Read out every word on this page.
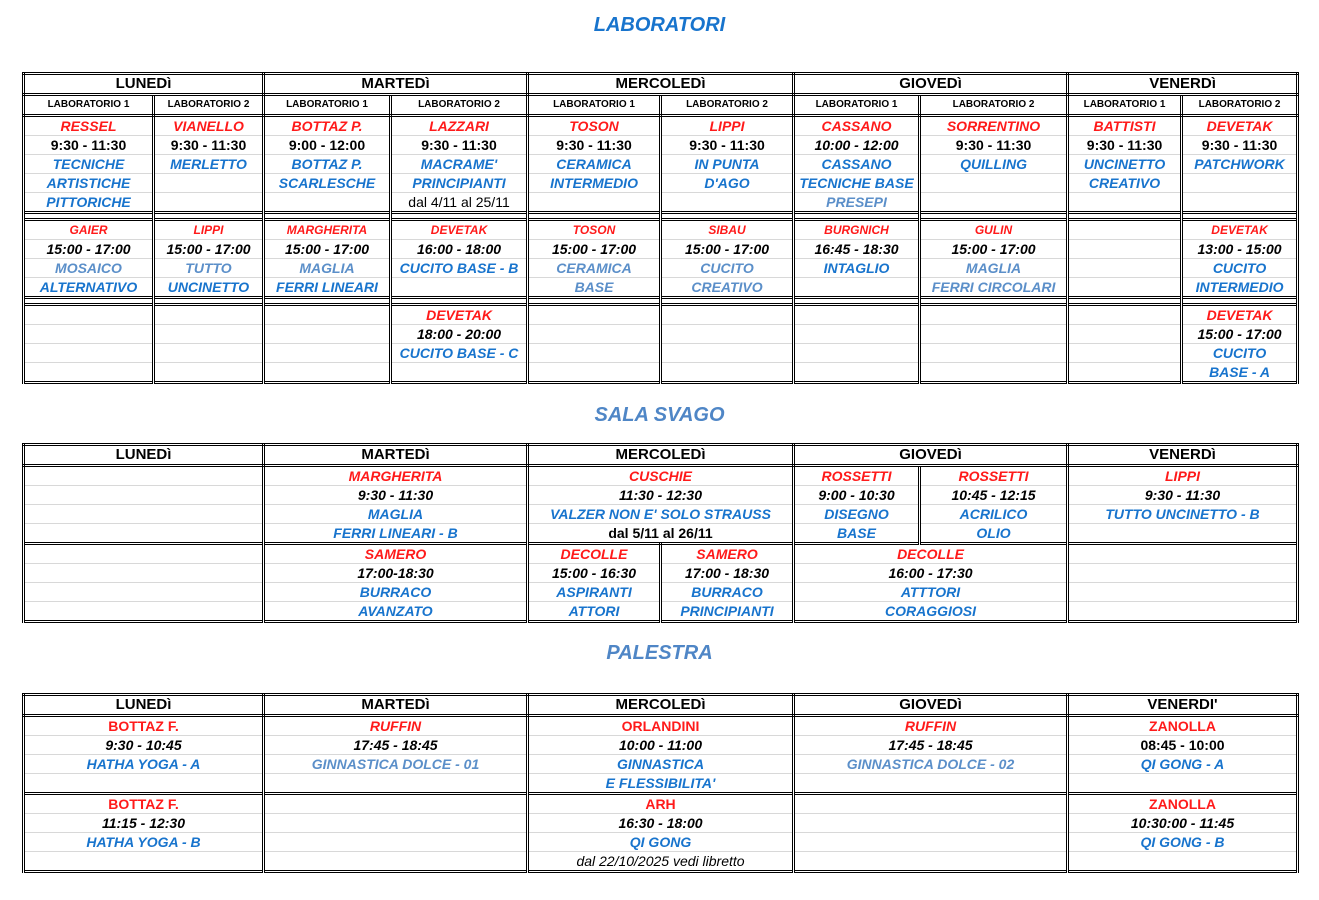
LABORATORI
LUNEDì		MARTEDì		MERCOLEDì		GIOVEDì		VENERDì	
LABORATORIO 1	LABORATORIO 2	LABORATORIO 1	LABORATORIO 2	LABORATORIO 1	LABORATORIO 2	LABORATORIO 1	LABORATORIO 2	LABORATORIO 1	LABORATORIO 2
RESSEL	VIANELLO	BOTTAZ P.	LAZZARI	TOSON	LIPPI	CASSANO	SORRENTINO	BATTISTI	DEVETAK
9:30 - 11:30	9:30 - 11:30	9:00 - 12:00	9:30 - 11:30	9:30 - 11:30	9:30 - 11:30	10:00 - 12:00	9:30 - 11:30	9:30 - 11:30	9:30 - 11:30
TECNICHE	MERLETTO	BOTTAZ P.	MACRAME'	CERAMICA	IN PUNTA	CASSANO	QUILLING	UNCINETTO	PATCHWORK
ARTISTICHE		SCARLESCHE	PRINCIPIANTI	INTERMEDIO	D'AGO	TECNICHE BASE		CREATIVO	
PITTORICHE			dal 4/11 al 25/11			PRESEPI			

GAIER	LIPPI	MARGHERITA	DEVETAK	TOSON	SIBAU	BURGNICH	GULIN		DEVETAK
15:00 - 17:00	15:00 - 17:00	15:00 - 17:00	16:00 - 18:00	15:00 - 17:00	15:00 - 17:00	16:45 - 18:30	15:00 - 17:00		13:00 - 15:00
MOSAICO	TUTTO	MAGLIA	CUCITO BASE - B	CERAMICA	CUCITO	INTAGLIO	MAGLIA		CUCITO
ALTERNATIVO	UNCINETTO	FERRI LINEARI		BASE	CREATIVO		FERRI CIRCOLARI		INTERMEDIO

			DEVETAK						DEVETAK
			18:00 - 20:00						15:00 - 17:00
			CUCITO BASE - C						CUCITO
									BASE - A
SALA SVAGO
LUNEDì	MARTEDì	MERCOLEDì		GIOVEDì		VENERDì
	MARGHERITA	CUSCHIE		ROSSETTI	ROSSETTI	LIPPI
	9:30 - 11:30	11:30 - 12:30		9:00 - 10:30	10:45 - 12:15	9:30 - 11:30
	MAGLIA	VALZER NON E' SOLO STRAUSS		DISEGNO	ACRILICO	TUTTO UNCINETTO - B
	FERRI LINEARI - B	dal 5/11 al 26/11		BASE	OLIO	
	SAMERO	DECOLLE	SAMERO	DECOLLE		
	17:00-18:30	15:00 - 16:30	17:00 - 18:30	16:00 - 17:30		
	BURRACO	ASPIRANTI	BURRACO	ATTTORI		
	AVANZATO	ATTORI	PRINCIPIANTI	CORAGGIOSI		
PALESTRA
LUNEDì	MARTEDì	MERCOLEDì	GIOVEDì	VENERDI'
BOTTAZ F.	RUFFIN	ORLANDINI	RUFFIN	ZANOLLA
9:30 - 10:45	17:45 - 18:45	10:00 - 11:00	17:45 - 18:45	08:45 - 10:00
HATHA YOGA - A	GINNASTICA DOLCE - 01	GINNASTICA	GINNASTICA DOLCE - 02	QI GONG - A
		E FLESSIBILITA'		
BOTTAZ F.		ARH		ZANOLLA
11:15 - 12:30		16:30 - 18:00		10:30:00 - 11:45
HATHA YOGA - B		QI GONG		QI GONG - B
		dal 22/10/2025 vedi libretto		
